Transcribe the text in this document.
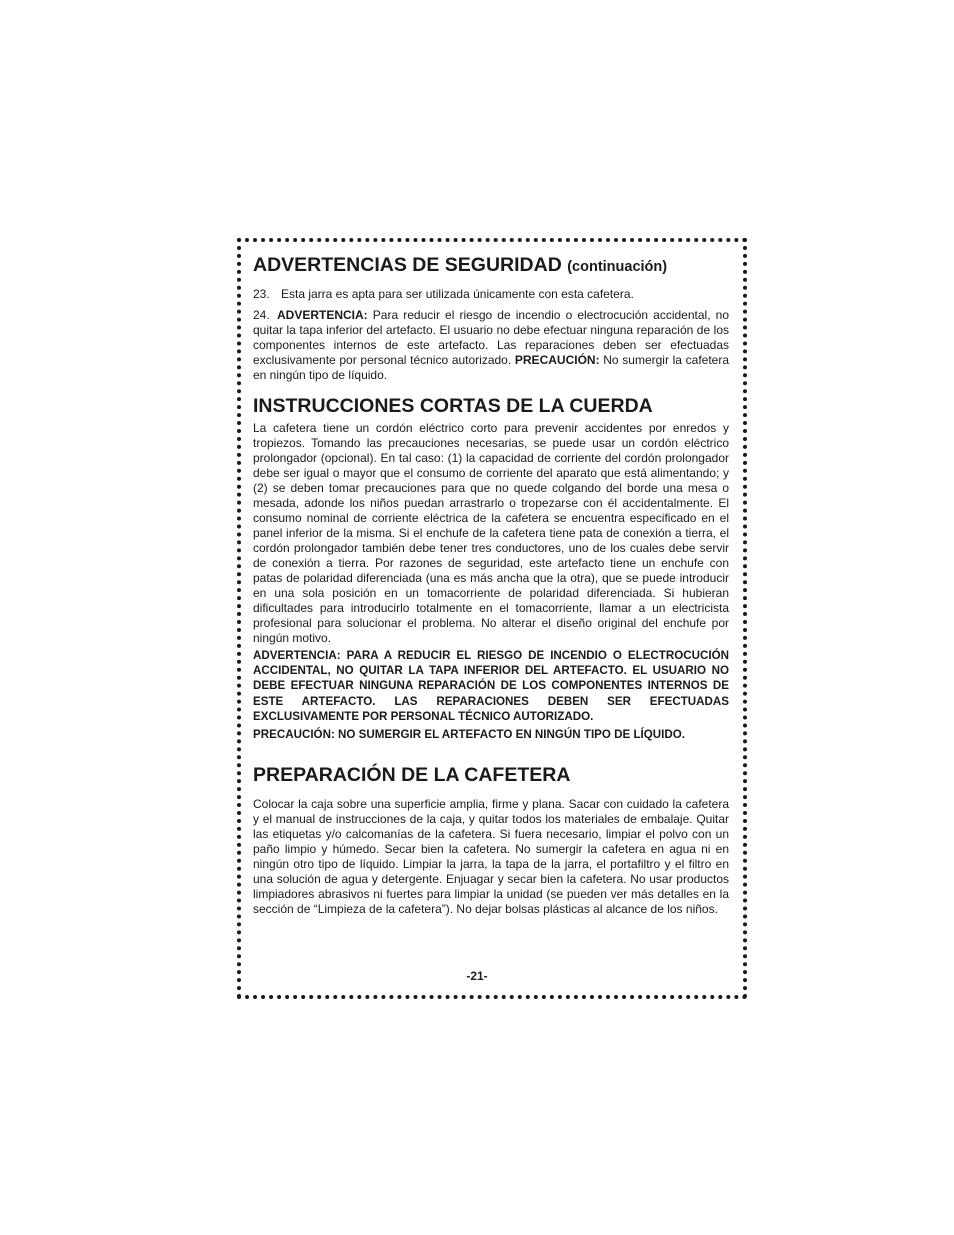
ADVERTENCIAS DE SEGURIDAD (continuación)

23. Esta jarra es apta para ser utilizada únicamente con esta cafetera.

24. ADVERTENCIA: Para reducir el riesgo de incendio o electrocución accidental, no quitar la tapa inferior del artefacto. El usuario no debe efectuar ninguna reparación de los componentes internos de este artefacto. Las reparaciones deben ser efectuadas exclusivamente por personal técnico autorizado. PRECAUCIÓN: No sumergir la cafetera en ningún tipo de líquido.

INSTRUCCIONES CORTAS DE LA CUERDA

La cafetera tiene un cordón eléctrico corto para prevenir accidentes por enredos y tropiezos. Tomando las precauciones necesarias, se puede usar un cordón eléctrico prolongador (opcional). En tal caso: (1) la capacidad de corriente del cordón prolongador debe ser igual o mayor que el consumo de corriente del aparato que está alimentando; y (2) se deben tomar precauciones para que no quede colgando del borde una mesa o mesada, adonde los niños puedan arrastrarlo o tropezarse con él accidentalmente. El consumo nominal de corriente eléctrica de la cafetera se encuentra especificado en el panel inferior de la misma. Si el enchufe de la cafetera tiene pata de conexión a tierra, el cordón prolongador también debe tener tres conductores, uno de los cuales debe servir de conexión a tierra. Por razones de seguridad, este artefacto tiene un enchufe con patas de polaridad diferenciada (una es más ancha que la otra), que se puede introducir en una sola posición en un tomacorriente de polaridad diferenciada. Si hubieran dificultades para introducirlo totalmente en el tomacorriente, llamar a un electricista profesional para solucionar el problema. No alterar el diseño original del enchufe por ningún motivo.

ADVERTENCIA: PARA A REDUCIR EL RIESGO DE INCENDIO O ELECTROCUCIÓN ACCIDENTAL, NO QUITAR LA TAPA INFERIOR DEL ARTEFACTO. EL USUARIO NO DEBE EFECTUAR NINGUNA REPARACIÓN DE LOS COMPONENTES INTERNOS DE ESTE ARTEFACTO. LAS REPARACIONES DEBEN SER EFECTUADAS EXCLUSIVAMENTE POR PERSONAL TÉCNICO AUTORIZADO.

PRECAUCIÓN: NO SUMERGIR EL ARTEFACTO EN NINGÚN TIPO DE LÍQUIDO.

PREPARACIÓN DE LA CAFETERA

Colocar la caja sobre una superficie amplia, firme y plana. Sacar con cuidado la cafetera y el manual de instrucciones de la caja, y quitar todos los materiales de embalaje. Quitar las etiquetas y/o calcomanías de la cafetera. Si fuera necesario, limpiar el polvo con un paño limpio y húmedo. Secar bien la cafetera. No sumergir la cafetera en agua ni en ningún otro tipo de líquido. Limpiar la jarra, la tapa de la jarra, el portafiltro y el filtro en una solución de agua y detergente. Enjuagar y secar bien la cafetera. No usar productos limpiadores abrasivos ni fuertes para limpiar la unidad (se pueden ver más detalles en la sección de “Limpieza de la cafetera”). No dejar bolsas plásticas al alcance de los niños.

-21-
